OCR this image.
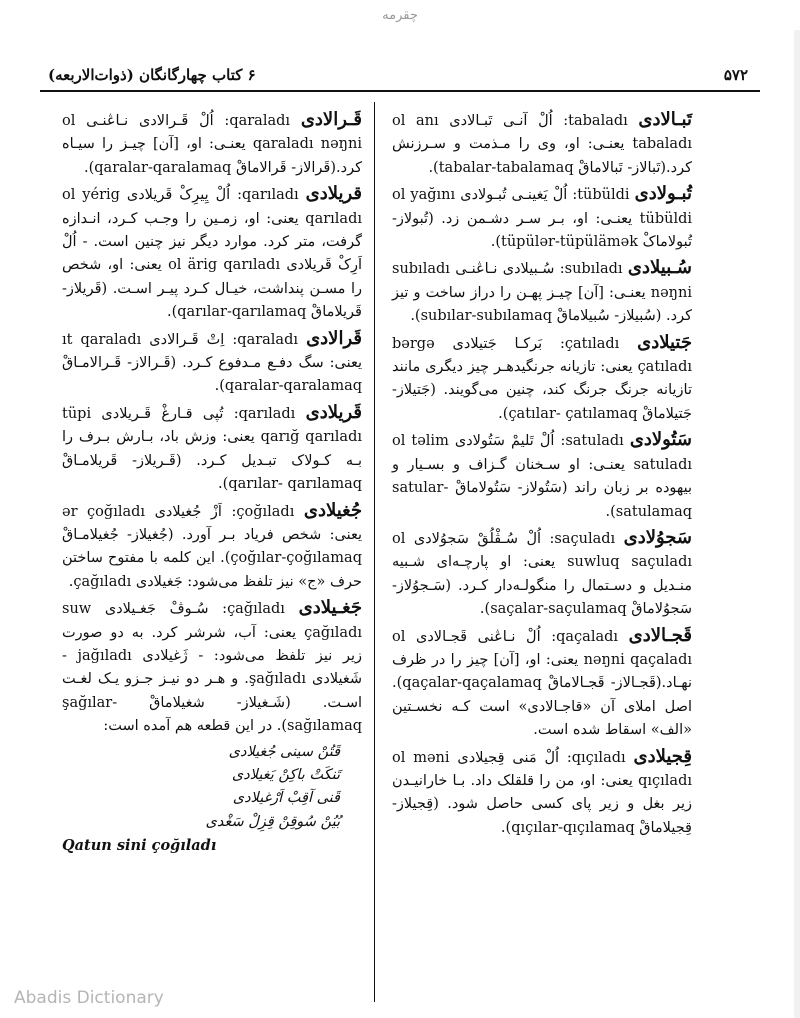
چقرمه
۵۷۲
۶ کتاب چهارگانگان (ذوات‌الاربعه)

تَبـالادی tabaladı: اُلْ آنـی تَبـالادی ol anı tabaladı یعنـی: او، وی را مـذمت و سـرزنش کرد.(تَبالاز- تَبالاماقْ tabalar-tabalamaq).

تُبـولادی tübüldi: اُلْ یَغینـی تُبـولادی ol yağını tübüldi یعنـی: او، بـر سـر دشـمن زد. (تُبولاز- تُبولاماکْ tüpülər-tüpülämək).

سُـبیلادی subıladı: سُـبیلادی نـاڠنـی subıladı nəŋni یعنـی: [آن] چیـز پهـن را دراز ساخت و تیز کرد. (سُبیلاز- سُبیلاماقْ subılar-subılamaq).

جَتیلادی çatıladı: بَرکـا جَتیلادی bərgə çatıladı یعنی: تازیانه جرنگیدهـر چیز دیگری مانند تازیانه جرنگ جرنگ کند، چنین می‌گویند. (جَتیلاز- جَتیلاماقْ çatılar- çatılamaq).

سَتُولادی satuladı: اُلْ تَلیمْ سَتُولادی ol təlim satuladı یعنـی: او سـخنان گـزاف و بسـیار و بیهوده بر زبان راند (سَتُولاز- سَتُولاماقْ satular-satulamaq).

سَجوُلادی saçuladı: اُلْ سُـڤْلُقْ سَجوُلادی ol suwluq saçuladı یعنی: او پارچـه‌ای شـبیه منـدیل و دسـتمال را منگولـه‌دار کـرد. (سَـجوُلاز- سَجوُلاماقْ saçalar-saçulamaq).

قَجـالادی qaçaladı: اُلْ نـاڠنی قَجـالادی ol nəŋni qaçaladı یعنی: او، [آن] چیز را در ظرف نهـاد.(قَجـالاز- قَجـالاماقْ qaçalar-qaçalamaq). اصل املای آن «قاجـالادی» است کـه نخسـتین «الف» اسقاط شده است.

قِجیلادی qıçıladı: اُلْ مَنی قِجیلادی ol məni qıçıladı یعنی: او، من را قلقلک داد. بـا خارانیـدن زیر بغل و زیر پای کسی حاصل شود. (قِجیلاز- قِجیلاماقْ qıçılar-qıçılamaq).

قَـرالادی qaraladı: اُلْ قَـرالادی نـاڠنـی ol qaraladı nəŋni یعنـی: او، [آن] چیـز را سیـاه کرد.(قَرالاز- قَرالاماقْ qaralar-qaralamaq).

قریلادی qarıladı: اُلْ یِیرِکْ قَریلادی ol yérig qarıladı یعنی: او، زمـین را وجـب کـرد، انـدازه گرفت، متر کرد. موارد دیگر نیز چنین است. - اُلْ اَرِکْ قَریلادی ol ärig qarıladı یعنی: او، شخص را مسـن پنداشت، خیـال کـرد پیـر اسـت. (قَریلاز- قَریلاماقْ qarılar-qarılamaq).

قَرالادی qaraladı: اِتْ قَـرالادی ıt qaraladı یعنی: سگ دفـع مـدفوع کـرد. (قَـرالاز- قَـرالامـاقْ qaralar-qaralamaq).

قَریلادی qarıladı: تُپی قـارغْ قَـریلادی tüpi qarığ qarıladı یعنی: وزش باد، بـارش بـرف را بـه کـولاک تبـدیل کـرد. (قَـریلاز- قَریلامـاقْ qarılar- qarılamaq).

جُغیلادی çoğıladı: اَزْ جُغیلادی ər çoğıladı یعنی: شخص فریاد بـر آورد. (جُغیلاز- جُغیلامـاقْ çoğılar-çoğılamaq). این کلمه با مفتوح ساختن حرف «ج» نیز تلفظ می‌شود: جَغیلادی çağıladı.

جَغـیلادی çağıladı: سُـوڤْ جَغـیلادی suw çağıladı یعنی: آب، شرشر کرد. به دو صورت زیر نیز تلفظ می‌شود: - ژَغیلادی jağıladı - شَغیلادی şağıladı. و هـر دو نیـز جـزو یـک لغـت اسـت. (شَـغیلاز- شغیلاماقْ şağılar-sağılamaq). در این قطعه هم آمده است:

قَتُنْ سینی جُغیلادی

تَنکَتْ باکِنْ یَغیلادی

قَنی آقِبْ اَرْغیلادی

بُیُنْ سُوقِنْ قِزِلْ سَغْدی

Qatun sini çoğıladı

Abadis Dictionary
